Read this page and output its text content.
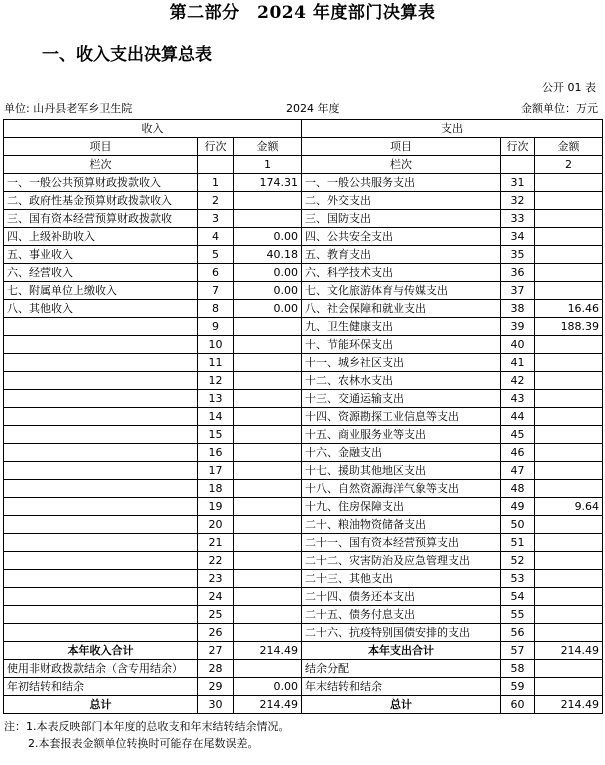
第二部分　2024 年度部门决算表
一、收入支出决算总表
公开 01 表
单位: 山丹县老军乡卫生院	2024 年度	金额单位：万元
收入			支出		
项目	行次	金额	项目	行次	金额
栏次		1	栏次		2
一、一般公共预算财政拨款收入	1	174.31	一、一般公共服务支出	31	
二、政府性基金预算财政拨款收入	2		二、外交支出	32	
三、国有资本经营预算财政拨款收	3		三、国防支出	33	
四、上级补助收入	4	0.00	四、公共安全支出	34	
五、事业收入	5	40.18	五、教育支出	35	
六、经营收入	6	0.00	六、科学技术支出	36	
七、附属单位上缴收入	7	0.00	七、文化旅游体育与传媒支出	37	
八、其他收入	8	0.00	八、社会保障和就业支出	38	16.46
	9		九、卫生健康支出	39	188.39
	10		十、节能环保支出	40	
	11		十一、城乡社区支出	41	
	12		十二、农林水支出	42	
	13		十三、交通运输支出	43	
	14		十四、资源勘探工业信息等支出	44	
	15		十五、商业服务业等支出	45	
	16		十六、金融支出	46	
	17		十七、援助其他地区支出	47	
	18		十八、自然资源海洋气象等支出	48	
	19		十九、住房保障支出	49	9.64
	20		二十、粮油物资储备支出	50	
	21		二十一、国有资本经营预算支出	51	
	22		二十二、灾害防治及应急管理支出	52	
	23		二十三、其他支出	53	
	24		二十四、债务还本支出	54	
	25		二十五、债务付息支出	55	
	26		二十六、抗疫特别国债安排的支出	56	
本年收入合计	27	214.49	本年支出合计	57	214.49
使用非财政拨款结余（含专用结余）	28		结余分配	58	
年初结转和结余	29	0.00	年末结转和结余	59	
总计	30	214.49	总计	60	214.49
注：1.本表反映部门本年度的总收支和年末结转结余情况。
2.本套报表金额单位转换时可能存在尾数误差。
